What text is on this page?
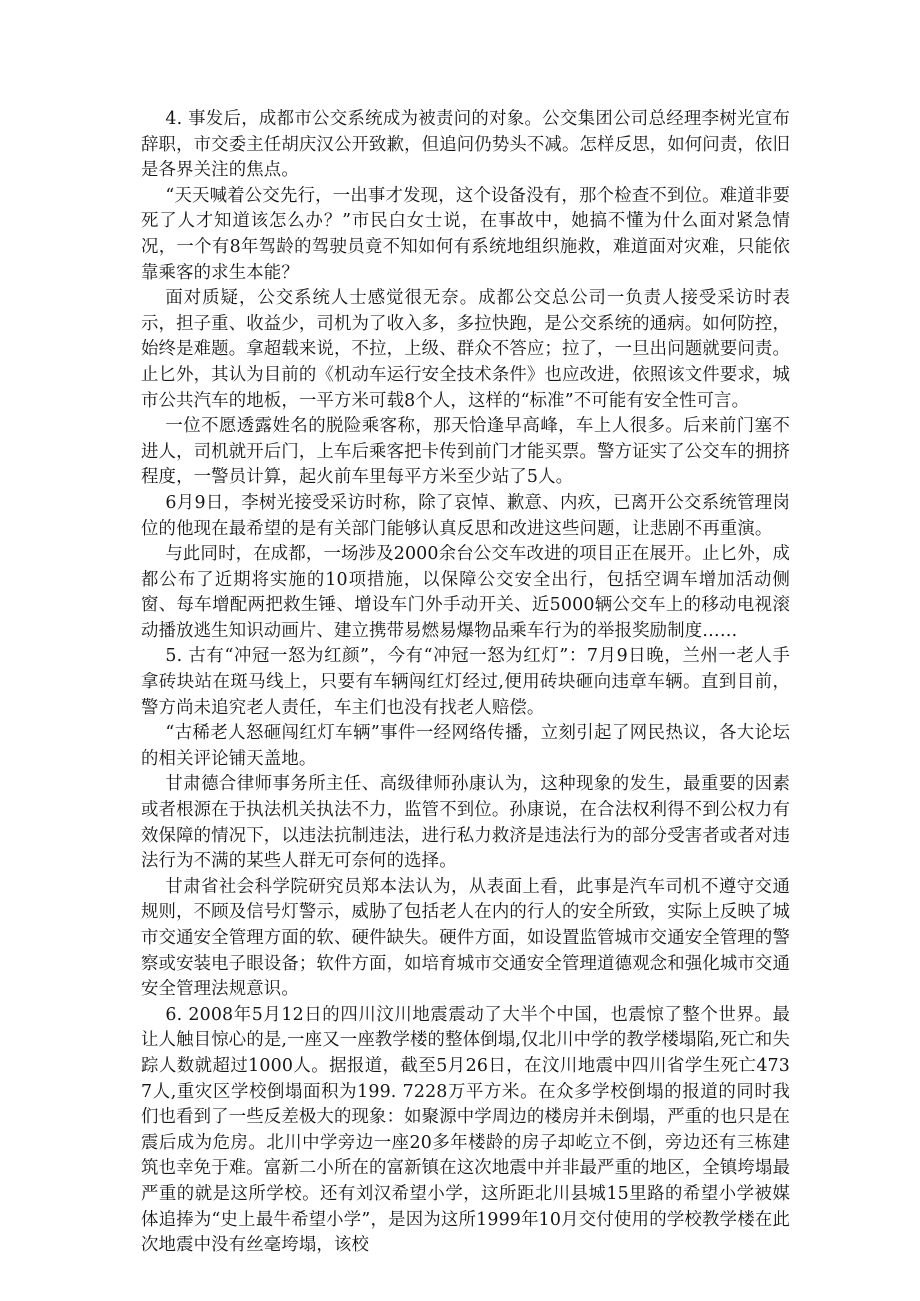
4. 事发后，成都市公交系统成为被责问的对象。公交集团公司总经理李树光宣布辞职，市交委主任胡庆汉公开致歉，但追问仍势头不减。怎样反思，如何问责，依旧是各界关注的焦点。

“天天喊着公交先行，一出事才发现，这个设备没有，那个检查不到位。难道非要死了人才知道该怎么办？”市民白女士说，在事故中，她搞不懂为什么面对紧急情况，一个有8年驾龄的驾驶员竟不知如何有系统地组织施救，难道面对灾难，只能依靠乘客的求生本能？

面对质疑，公交系统人士感觉很无奈。成都公交总公司一负责人接受采访时表示，担子重、收益少，司机为了收入多，多拉快跑，是公交系统的通病。如何防控，始终是难题。拿超载来说，不拉，上级、群众不答应；拉了，一旦出问题就要问责。止匕外，其认为目前的《机动车运行安全技术条件》也应改进，依照该文件要求，城市公共汽车的地板，一平方米可载8个人，这样的“标准”不可能有安全性可言。

一位不愿透露姓名的脱险乘客称，那天恰逢早高峰，车上人很多。后来前门塞不进人，司机就开后门，上车后乘客把卡传到前门才能买票。警方证实了公交车的拥挤程度，一警员计算，起火前车里每平方米至少站了5人。

6月9日，李树光接受采访时称，除了哀悼、歉意、内疚，已离开公交系统管理岗位的他现在最希望的是有关部门能够认真反思和改进这些问题，让悲剧不再重演。

与此同时，在成都，一场涉及2000余台公交车改进的项目正在展开。止匕外，成都公布了近期将实施的10项措施，以保障公交安全出行，包括空调车增加活动侧窗、每车增配两把救生锤、增设车门外手动开关、近5000辆公交车上的移动电视滚动播放逃生知识动画片、建立携带易燃易爆物品乘车行为的举报奖励制度……

5. 古有“冲冠一怒为红颜”，今有“冲冠一怒为红灯”：7月9日晚，兰州一老人手拿砖块站在斑马线上，只要有车辆闯红灯经过,便用砖块砸向违章车辆。直到目前，警方尚未追究老人责任，车主们也没有找老人赔偿。

“古稀老人怒砸闯红灯车辆”事件一经网络传播，立刻引起了网民热议，各大论坛的相关评论铺天盖地。

甘肃德合律师事务所主任、高级律师孙康认为，这种现象的发生，最重要的因素或者根源在于执法机关执法不力，监管不到位。孙康说，在合法权利得不到公权力有效保障的情况下，以违法抗制违法，进行私力救济是违法行为的部分受害者或者对违法行为不满的某些人群无可奈何的选择。

甘肃省社会科学院研究员郑本法认为，从表面上看，此事是汽车司机不遵守交通规则，不顾及信号灯警示，威胁了包括老人在内的行人的安全所致，实际上反映了城市交通安全管理方面的软、硬件缺失。硬件方面，如设置监管城市交通安全管理的警察或安装电子眼设备；软件方面，如培育城市交通安全管理道德观念和强化城市交通安全管理法规意识。

6. 2008年5月12日的四川汶川地震震动了大半个中国，也震惊了整个世界。最让人触目惊心的是,一座又一座教学楼的整体倒塌,仅北川中学的教学楼塌陷,死亡和失踪人数就超过1000人。据报道，截至5月26日，在汶川地震中四川省学生死亡4737人,重灾区学校倒塌面积为199. 7228万平方米。在众多学校倒塌的报道的同时我们也看到了一些反差极大的现象：如聚源中学周边的楼房并未倒塌，严重的也只是在震后成为危房。北川中学旁边一座20多年楼龄的房子却屹立不倒，旁边还有三栋建筑也幸免于难。富新二小所在的富新镇在这次地震中并非最严重的地区，全镇垮塌最严重的就是这所学校。还有刘汉希望小学，这所距北川县城15里路的希望小学被媒体追捧为“史上最牛希望小学”，是因为这所1999年10月交付使用的学校教学楼在此次地震中没有丝毫垮塌，该校
